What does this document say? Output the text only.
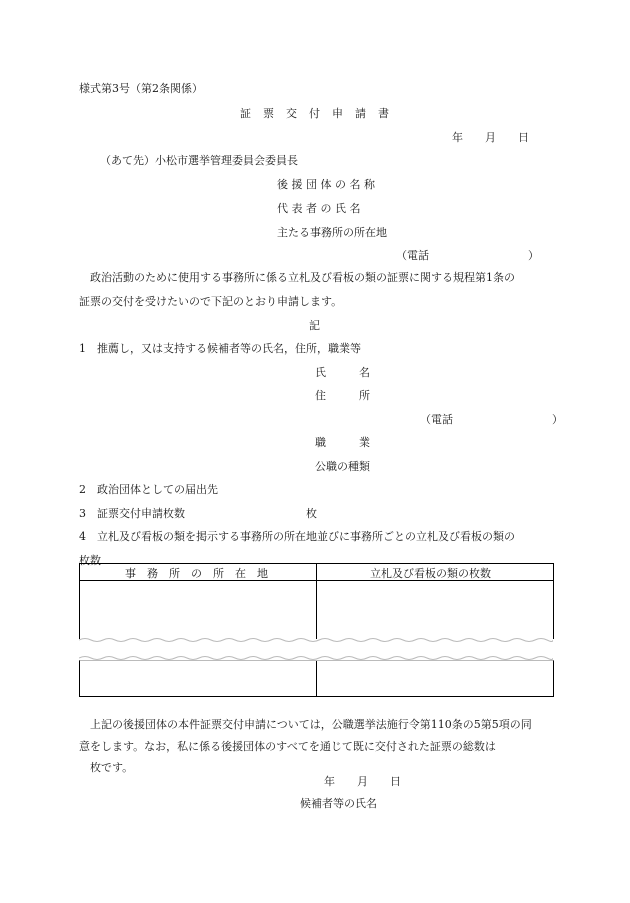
様式第3号（第2条関係）
証　票　交　付　申　請　書
年　　月　　日
（あて先）小松市選挙管理委員会委員長
後 援 団 体 の 名 称
代 表 者 の 氏 名
主たる事務所の所在地
（電話　　　　　　　　　）
政治活動のために使用する事務所に係る立札及び看板の類の証票に関する規程第1条の
証票の交付を受けたいので下記のとおり申請します。
記
1　推薦し，又は支持する候補者等の氏名，住所，職業等
氏　　　名
住　　　所
（電話　　　　　　　　　）
職　　　業
公職の種類
2　政治団体としての届出先
3　証票交付申請枚数	枚
4　立札及び看板の類を掲示する事務所の所在地並びに事務所ごとの立札及び看板の類の
枚数
事　務　所　の　所　在　地	立札及び看板の類の枚数
上記の後援団体の本件証票交付申請については，公職選挙法施行令第110条の5第5項の同
意をします。なお，私に係る後援団体のすべてを通じて既に交付された証票の総数は
枚です。
年　　月　　日
候補者等の氏名
